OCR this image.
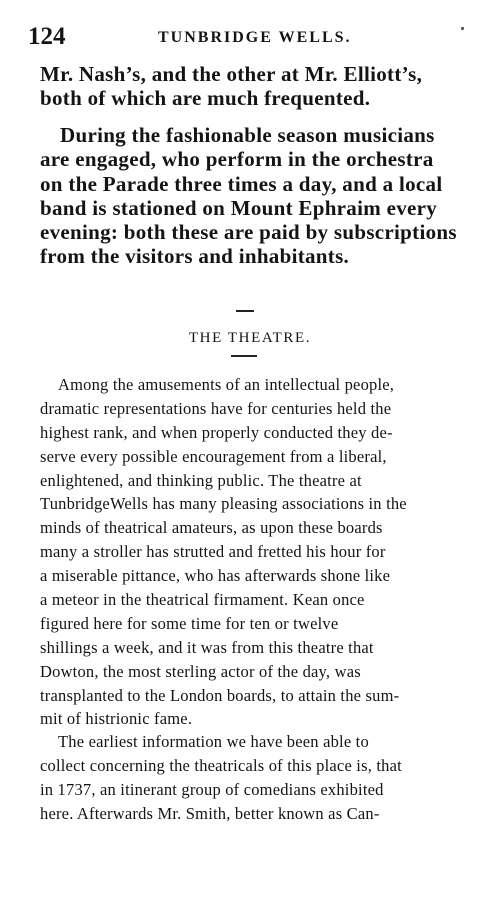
124	TUNBRIDGE WELLS.
Mr. Nash’s, and the other at Mr. Elliott’s,
both of which are much frequented.
During the fashionable season musicians
are engaged, who perform in the orchestra
on the Parade three times a day, and a local
band is stationed on Mount Ephraim every
evening: both these are paid by subscriptions
from the visitors and inhabitants.
THE THEATRE.
Among the amusements of an intellectual people,
dramatic representations have for centuries held the
highest rank, and when properly conducted they de-
serve every possible encouragement from a liberal,
enlightened, and thinking public. The theatre at
TunbridgeWells has many pleasing associations in the
minds of theatrical amateurs, as upon these boards
many a stroller has strutted and fretted his hour for
a miserable pittance, who has afterwards shone like
a meteor in the theatrical firmament. Kean once
figured here for some time for ten or twelve
shillings a week, and it was from this theatre that
Dowton, the most sterling actor of the day, was
transplanted to the London boards, to attain the sum-
mit of histrionic fame.
The earliest information we have been able to
collect concerning the theatricals of this place is, that
in 1737, an itinerant group of comedians exhibited
here. Afterwards Mr. Smith, better known as Can-
